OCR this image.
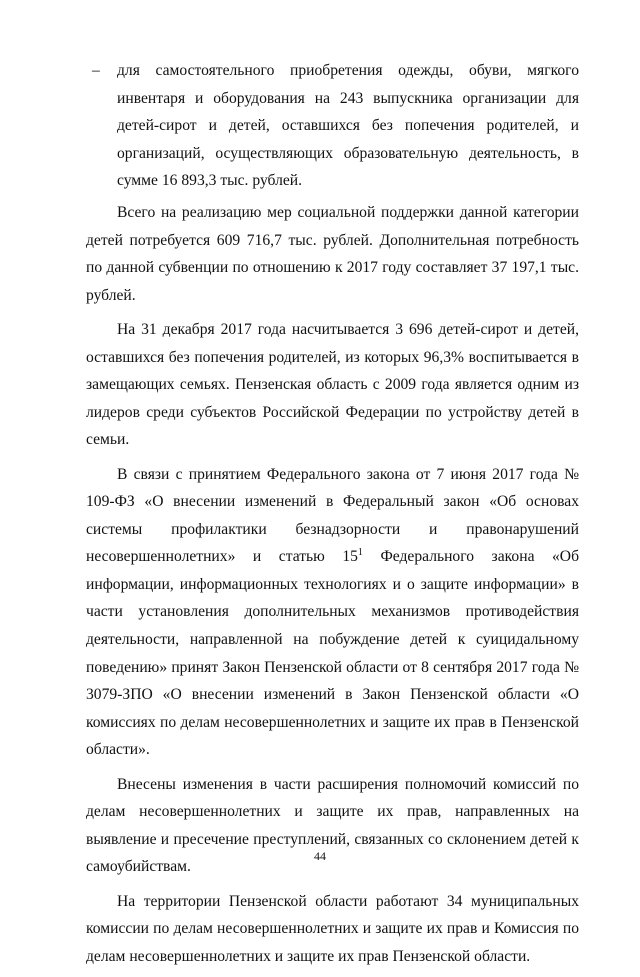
– для самостоятельного приобретения одежды, обуви, мягкого инвентаря и оборудования на 243 выпускника организации для детей-сирот и детей, оставшихся без попечения родителей, и организаций, осуществляющих образовательную деятельность, в сумме 16 893,3 тыс. рублей.

Всего на реализацию мер социальной поддержки данной категории детей потребуется 609 716,7 тыс. рублей. Дополнительная потребность по данной субвенции по отношению к 2017 году составляет 37 197,1 тыс. рублей.

На 31 декабря 2017 года насчитывается 3 696 детей-сирот и детей, оставшихся без попечения родителей, из которых 96,3% воспитывается в замещающих семьях. Пензенская область с 2009 года является одним из лидеров среди субъектов Российской Федерации по устройству детей в семьи.

В связи с принятием Федерального закона от 7 июня 2017 года № 109-ФЗ «О внесении изменений в Федеральный закон «Об основах системы профилактики безнадзорности и правонарушений несовершеннолетних» и статью $15^1$ Федерального закона «Об информации, информационных технологиях и о защите информации» в части установления дополнительных механизмов противодействия деятельности, направленной на побуждение детей к суицидальному поведению» принят Закон Пензенской области от 8 сентября 2017 года № 3079-ЗПО «О внесении изменений в Закон Пензенской области «О комиссиях по делам несовершеннолетних и защите их прав в Пензенской области».

Внесены изменения в части расширения полномочий комиссий по делам несовершеннолетних и защите их прав, направленных на выявление и пресечение преступлений, связанных со склонением детей к самоубийствам.

На территории Пензенской области работают 34 муниципальных комиссии по делам несовершеннолетних и защите их прав и Комиссия по делам несовершеннолетних и защите их прав Пензенской области.

44
